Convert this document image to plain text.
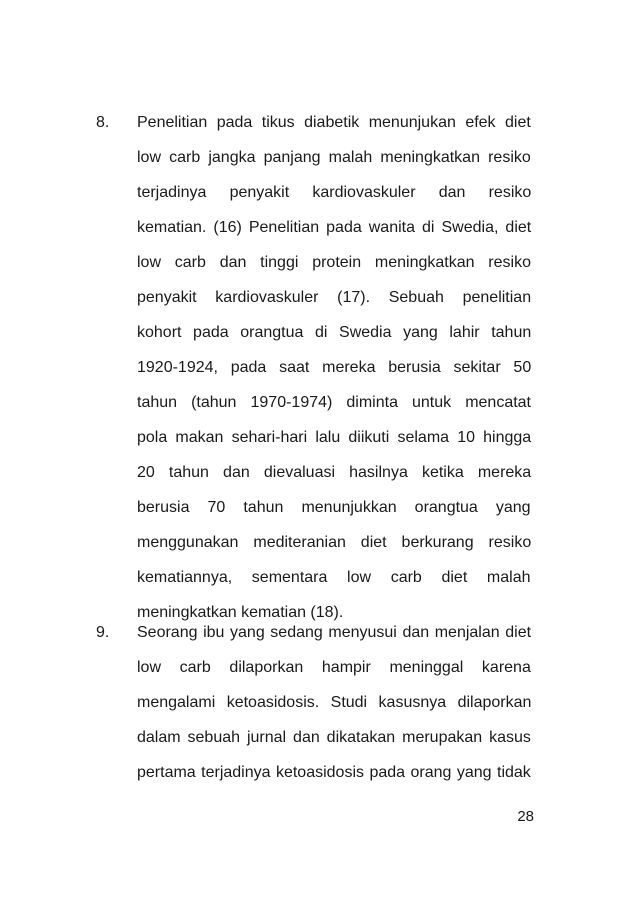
8. Penelitian pada tikus diabetik menunjukan efek diet
low carb jangka panjang malah meningkatkan resiko
terjadinya penyakit kardiovaskuler dan resiko
kematian. (16) Penelitian pada wanita di Swedia, diet
low carb dan tinggi protein meningkatkan resiko
penyakit kardiovaskuler (17). Sebuah penelitian
kohort pada orangtua di Swedia yang lahir tahun
1920-1924, pada saat mereka berusia sekitar 50
tahun (tahun 1970-1974) diminta untuk mencatat
pola makan sehari-hari lalu diikuti selama 10 hingga
20 tahun dan dievaluasi hasilnya ketika mereka
berusia 70 tahun menunjukkan orangtua yang
menggunakan mediteranian diet berkurang resiko
kematiannya, sementara low carb diet malah
meningkatkan kematian (18).
9. Seorang ibu yang sedang menyusui dan menjalan diet
low carb dilaporkan hampir meninggal karena
mengalami ketoasidosis. Studi kasusnya dilaporkan
dalam sebuah jurnal dan dikatakan merupakan kasus
pertama terjadinya ketoasidosis pada orang yang tidak
28
